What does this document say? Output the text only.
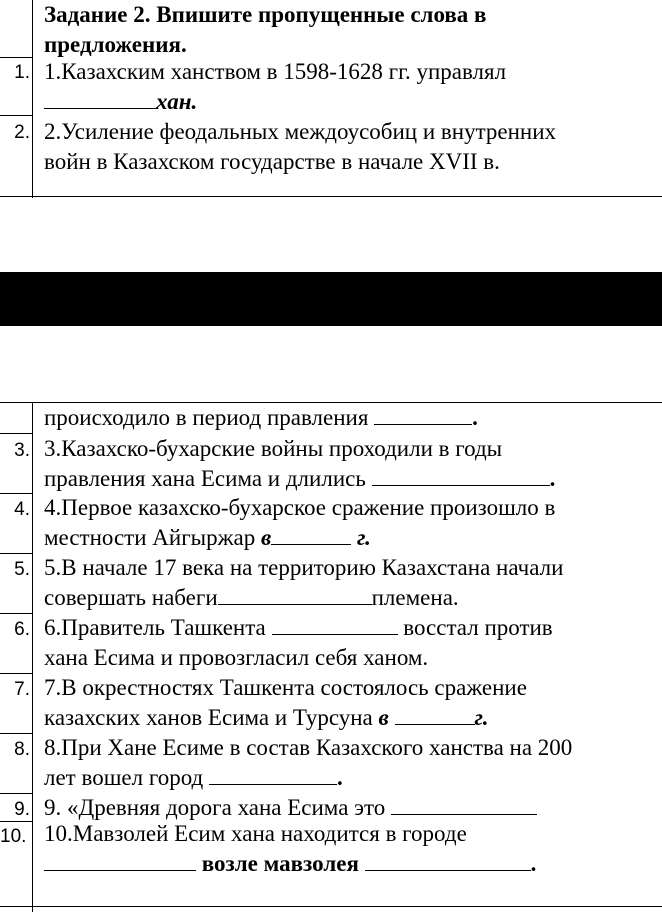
Задание 2. Впишите пропущенные слова в
предложения.
1. 1.Казахским ханством в 1598-1628 гг. управлял
хан.
2. 2.Усиление феодальных междоусобиц и внутренних
войн в Казахском государстве в начале XVII в.
происходило в период правления	.
3. 3.Казахско-бухарские войны проходили в годы
правления хана Есима и длились	.
4. 4.Первое казахско-бухарское сражение произошло в
местности Айгыржар в	г.
5. 5.В начале 17 века на территорию Казахстана начали
совершать набеги	племена.
6. 6.Правитель Ташкента	восстал против
хана Есима и провозгласил себя ханом.
7. 7.В окрестностях Ташкента состоялось сражение
казахских ханов Есима и Турсуна в	г.
8. 8.При Хане Есиме в состав Казахского ханства на 200
лет вошел город	.
9. 9. «Древняя дорога хана Есима это
10. 10.Мавзолей Есим хана находится в городе
возле мавзолея	.
